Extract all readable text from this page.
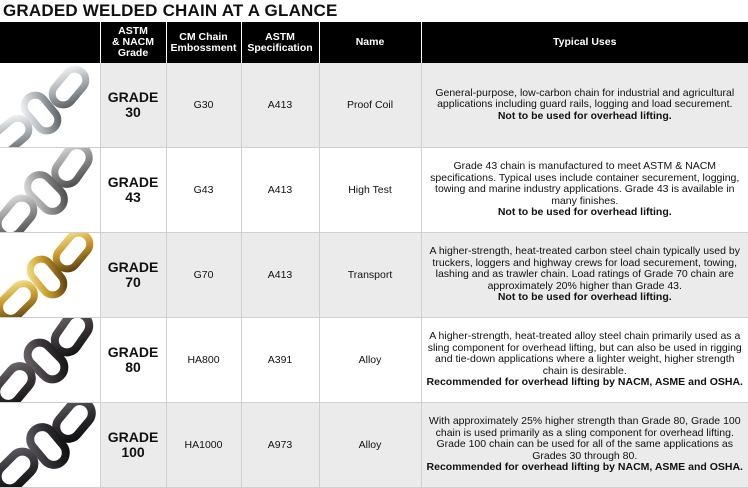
GRADED WELDED CHAIN AT A GLANCE

	ASTM
& NACM
Grade	CM Chain
Embossment	ASTM
Specification	Name	Typical Uses

GRADE
30	G30	A413	Proof Coil	General-purpose, low-carbon chain for industrial and agricultural applications including guard rails, logging and load securement.
Not to be used for overhead lifting.

GRADE
43	G43	A413	High Test	Grade 43 chain is manufactured to meet ASTM & NACM specifications. Typical uses include container securement, logging, towing and marine industry applications. Grade 43 is available in many finishes.
Not to be used for overhead lifting.

GRADE
70	G70	A413	Transport	A higher-strength, heat-treated carbon steel chain typically used by truckers, loggers and highway crews for load securement, towing, lashing and as trawler chain. Load ratings of Grade 70 chain are approximately 20% higher than Grade 43.
Not to be used for overhead lifting.

GRADE
80	HA800	A391	Alloy	A higher-strength, heat-treated alloy steel chain primarily used as a sling component for overhead lifting, but can also be used in rigging and tie-down applications where a lighter weight, higher strength chain is desirable.
Recommended for overhead lifting by NACM, ASME and OSHA.

GRADE
100	HA1000	A973	Alloy	With approximately 25% higher strength than Grade 80, Grade 100 chain is used primarily as a sling component for overhead lifting. Grade 100 chain can be used for all of the same applications as Grades 30 through 80.
Recommended for overhead lifting by NACM, ASME and OSHA.
